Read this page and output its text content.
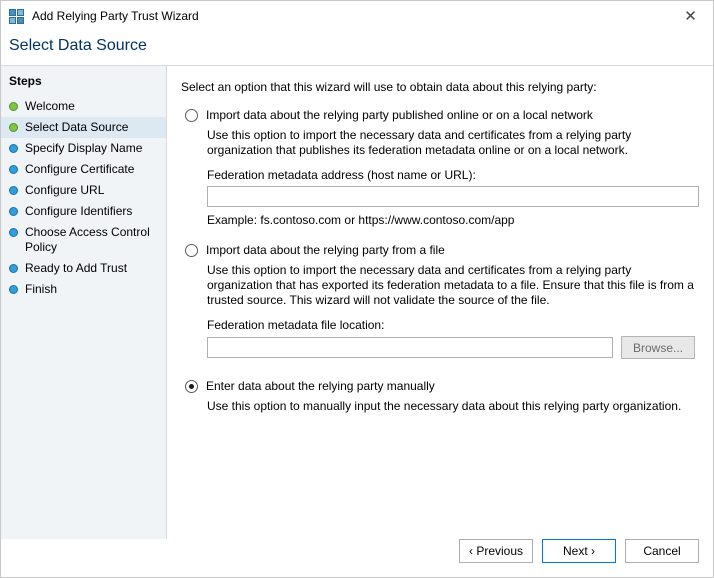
Add Relying Party Trust Wizard	✕
Select Data Source
Steps
Welcome
Select Data Source
Specify Display Name
Configure Certificate
Configure URL
Configure Identifiers
Choose Access Control Policy
Ready to Add Trust
Finish
Select an option that this wizard will use to obtain data about this relying party:
Import data about the relying party published online or on a local network
Use this option to import the necessary data and certificates from a relying party organization that publishes its federation metadata online or on a local network.
Federation metadata address (host name or URL):
Example: fs.contoso.com or https://www.contoso.com/app
Import data about the relying party from a file
Use this option to import the necessary data and certificates from a relying party organization that has exported its federation metadata to a file. Ensure that this file is from a trusted source. This wizard will not validate the source of the file.
Federation metadata file location:
Browse...
Enter data about the relying party manually
Use this option to manually input the necessary data about this relying party organization.
‹ Previous	Next ›	Cancel
